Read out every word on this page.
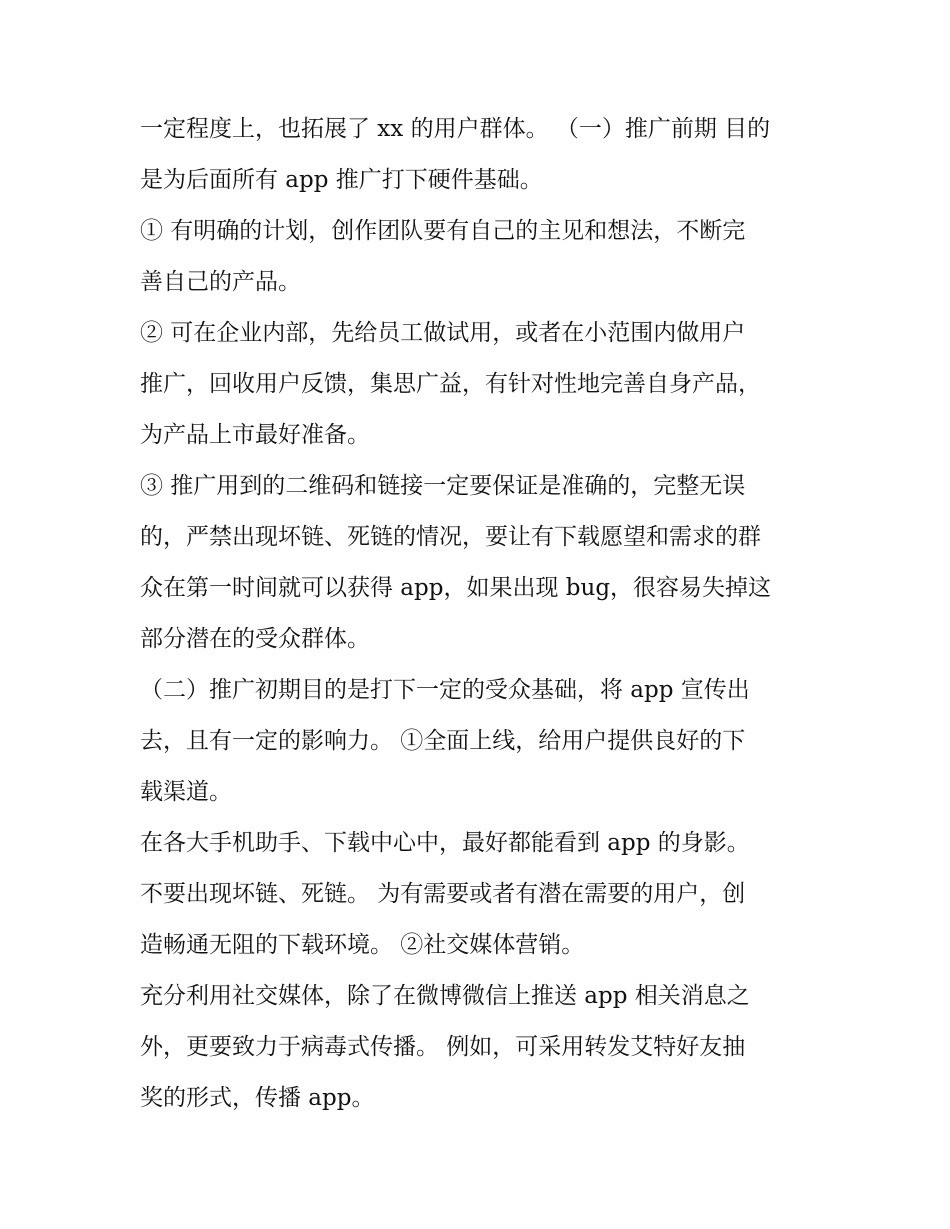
一定程度上，也拓展了 xx 的用户群体。 （一）推广前期 目的
是为后面所有 app 推广打下硬件基础。
① 有明确的计划，创作团队要有自己的主见和想法，不断完
善自己的产品。
② 可在企业内部，先给员工做试用，或者在小范围内做用户
推广，回收用户反馈，集思广益，有针对性地完善自身产品，
为产品上市最好准备。
③ 推广用到的二维码和链接一定要保证是准确的，完整无误
的，严禁出现坏链、死链的情况，要让有下载愿望和需求的群
众在第一时间就可以获得 app，如果出现 bug，很容易失掉这
部分潜在的受众群体。
（二）推广初期目的是打下一定的受众基础，将 app 宣传出
去，且有一定的影响力。 ①全面上线，给用户提供良好的下
载渠道。
在各大手机助手、下载中心中，最好都能看到 app 的身影。
不要出现坏链、死链。 为有需要或者有潜在需要的用户，创
造畅通无阻的下载环境。 ②社交媒体营销。
充分利用社交媒体，除了在微博微信上推送 app 相关消息之
外，更要致力于病毒式传播。 例如，可采用转发艾特好友抽
奖的形式，传播 app。
